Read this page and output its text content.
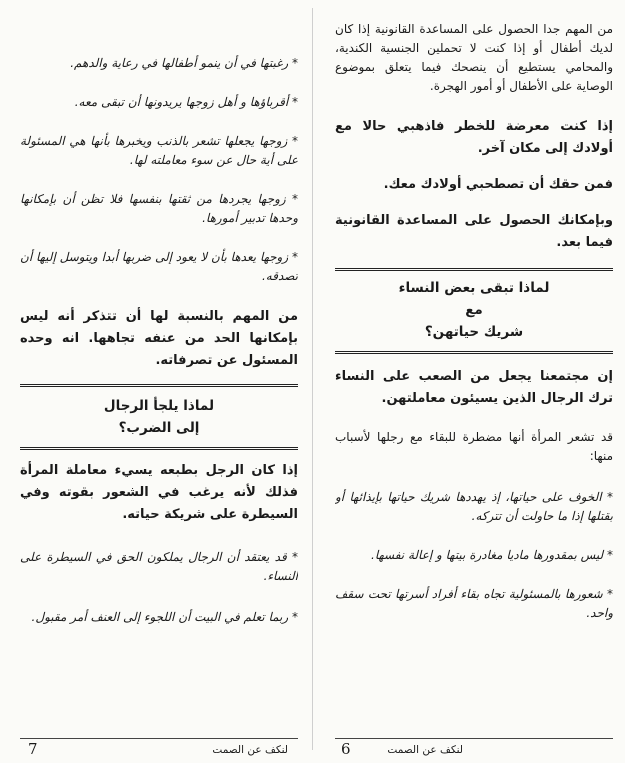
من المهم جدا الحصول على المساعدة القانونية إذا كان لديك أطفال أو إذا كنت لا تحملين الجنسية الكندية، والمحامي يستطيع أن ينصحك فيما يتعلق بموضوع الوصاية على الأطفال أو أمور الهجرة.

إذا كنت معرضة للخطر فاذهبي حالا مع أولادك إلى مكان آخر.

فمن حقك أن تصطحبي أولادك معك.

وبإمكانك الحصول على المساعدة القانونية فيما بعد.

لماذا تبقى بعض النساء

مع

شريك حياتهن؟

إن مجتمعنا يجعل من الصعب على النساء ترك الرجال الذين يسيئون معاملتهن.

قد تشعر المرأة أنها مضطرة للبقاء مع رجلها لأسباب منها:

* الخوف على حياتها، إذ يهددها شريك حياتها بإيذائها أو بقتلها إذا ما حاولت أن تتركه.

* ليس بمقدورها ماديا مغادرة بيتها و إعالة نفسها.

* شعورها بالمسئولية تجاه بقاء أفراد أسرتها تحت سقف واحد.

* رغبتها في أن ينمو أطفالها في رعاية والدهم.

* أقرباؤها و أهل زوجها يريدونها أن تبقى معه.

* زوجها يجعلها تشعر بالذنب ويخبرها بأنها هي المسئولة على أية حال عن سوء معاملته لها.

* زوجها يجردها من ثقتها بنفسها فلا تظن أن بإمكانها وحدها تدبير أمورها.

* زوجها يعدها بأن لا يعود إلى ضربها أبدا ويتوسل إليها أن تصدقه.

من المهم بالنسبة لها أن تتذكر أنه ليس بإمكانها الحد من عنفه تجاهها. انه وحده المسئول عن تصرفاته.

لماذا يلجأ الرجال

إلى الضرب؟

إذا كان الرجل بطبعه يسيء معاملة المرأة فذلك لأنه يرغب في الشعور بقوته وفي السيطرة على شريكة حياته.

* قد يعتقد أن الرجال يملكون الحق في السيطرة على النساء.

* ربما تعلم في البيت أن اللجوء إلى العنف أمر مقبول.

لنكف عن الصمت
6
لنكف عن الصمت
7
